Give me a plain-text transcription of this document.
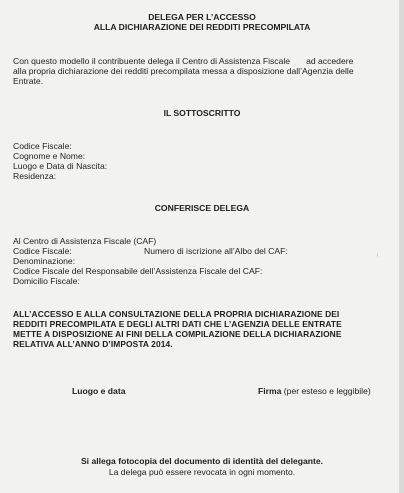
DELEGA PER L’ACCESSO
ALLA DICHIARAZIONE DEI REDDITI PRECOMPILATA
Con questo modello il contribuente delega il Centro di Assistenza Fiscale ad accedere
alla propria dichiarazione dei redditi precompilata messa a disposizione dall’Agenzia delle
Entrate.
IL SOTTOSCRITTO
Codice Fiscale:
Cognome e Nome:
Luogo e Data di Nascita:
Residenza:
CONFERISCE DELEGA
Al Centro di Assistenza Fiscale (CAF)
Codice Fiscale:	Numero di iscrizione all’Albo del CAF:
Denominazione:
Codice Fiscale del Responsabile dell’Assistenza Fiscale del CAF:
Domicilio Fiscale:
ᵢ
ALL’ACCESSO E ALLA CONSULTAZIONE DELLA PROPRIA DICHIARAZIONE DEI
REDDITI PRECOMPILATA E DEGLI ALTRI DATI CHE L’AGENZIA DELLE ENTRATE
METTE A DISPOSIZIONE AI FINI DELLA COMPILAZIONE DELLA DICHIARAZIONE
RELATIVA ALL’ANNO D’IMPOSTA 2014.
Luogo e data	Firma (per esteso e leggibile)
Si allega fotocopia del documento di identità del delegante.
La delega può essere revocata in ogni momento.
